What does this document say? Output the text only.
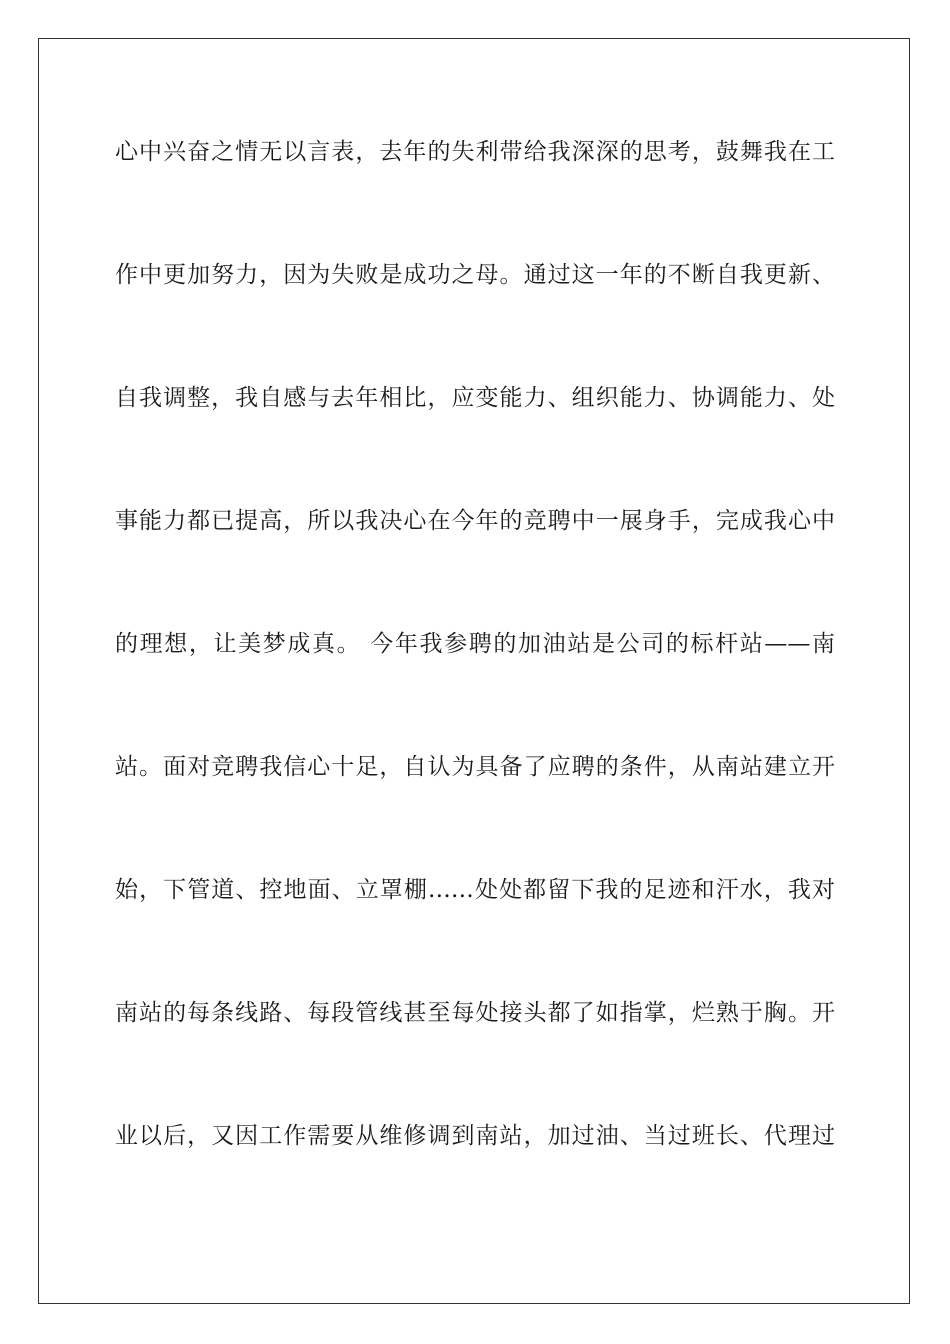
心中兴奋之情无以言表，去年的失利带给我深深的思考，鼓舞我在工
作中更加努力，因为失败是成功之母。通过这一年的不断自我更新、
自我调整，我自感与去年相比，应变能力、组织能力、协调能力、处
事能力都已提高，所以我决心在今年的竞聘中一展身手，完成我心中
的理想，让美梦成真。 今年我参聘的加油站是公司的标杆站——南
站。面对竞聘我信心十足，自认为具备了应聘的条件，从南站建立开
始，下管道、控地面、立罩棚……处处都留下我的足迹和汗水，我对
南站的每条线路、每段管线甚至每处接头都了如指掌，烂熟于胸。开
业以后，又因工作需要从维修调到南站，加过油、当过班长、代理过
